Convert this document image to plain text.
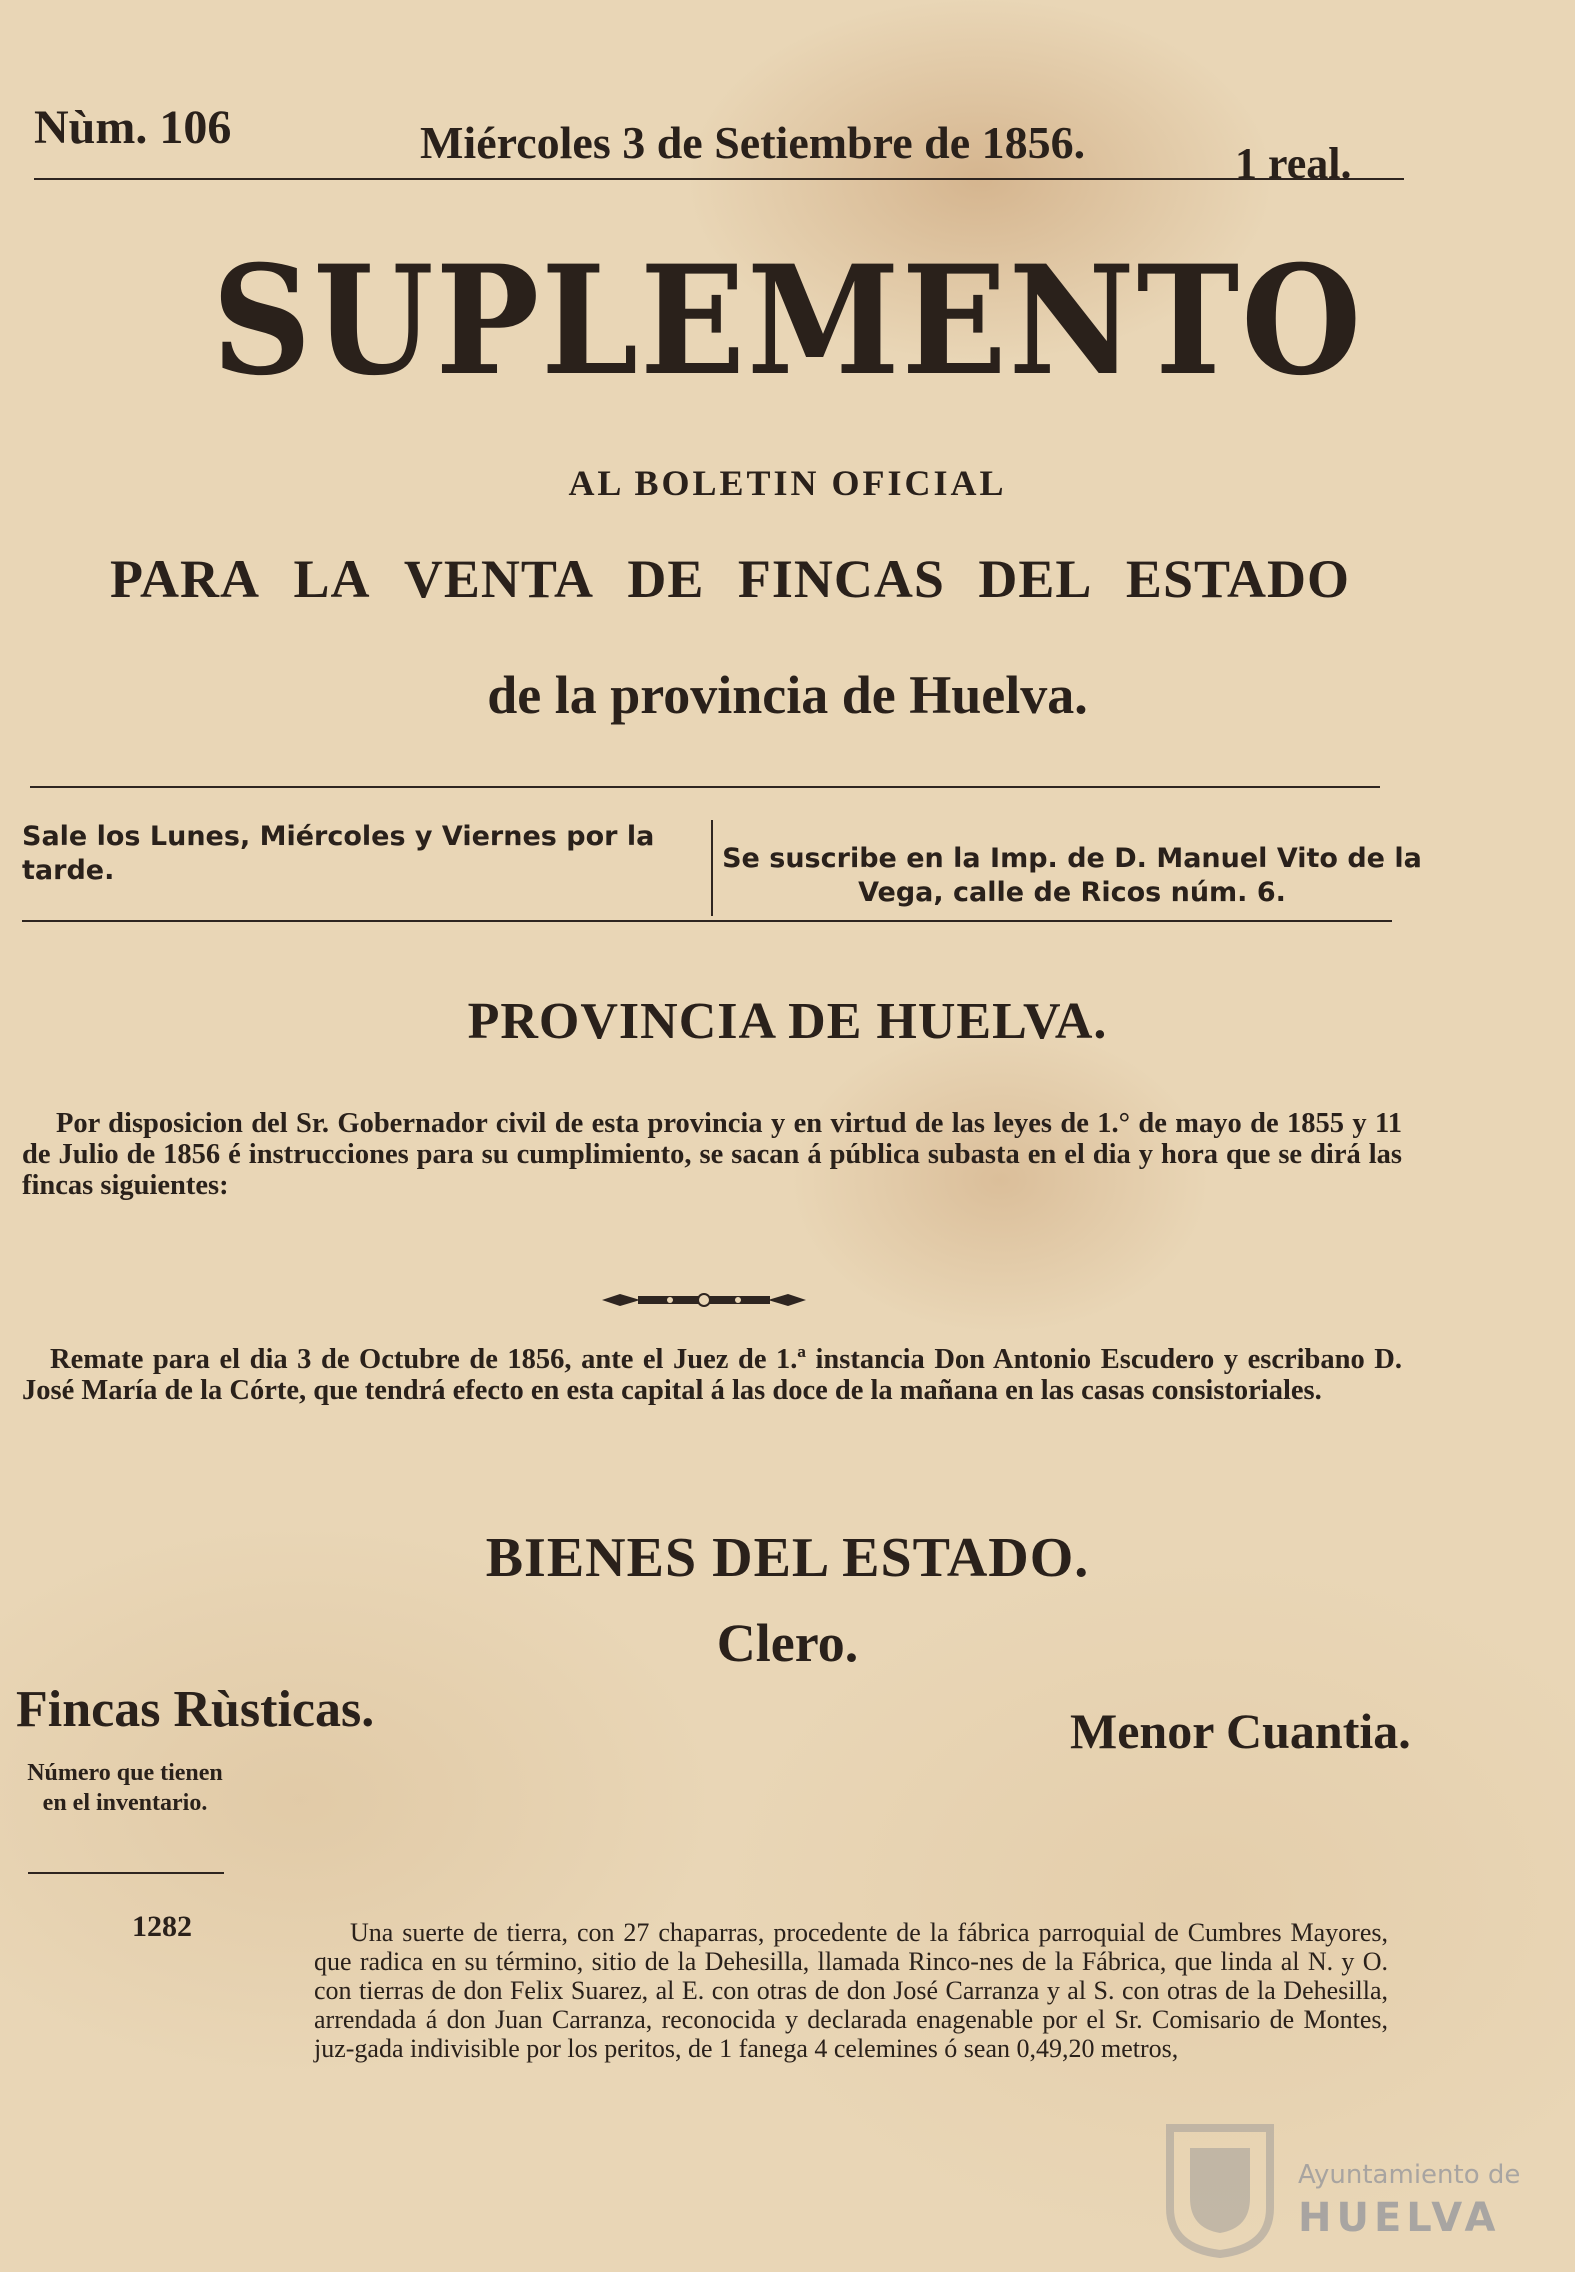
Nùm. 106	Miércoles 3 de Setiembre de 1856.	1 real.
SUPLEMENTO
AL BOLETIN OFICIAL
PARA LA VENTA DE FINCAS DEL ESTADO
de la provincia de Huelva.
Sale los Lunes, Miércoles y Viernes por la tarde.	Se suscribe en la Imp. de D. Manuel Vito de la Vega, calle de Ricos núm. 6.
PROVINCIA DE HUELVA.
Por disposicion del Sr. Gobernador civil de esta provincia y en virtud de las leyes de 1.° de mayo de 1855 y 11 de Julio de 1856 é instrucciones para su cumplimiento, se sacan á pública subasta en el dia y hora que se dirá las fincas siguientes:
Remate para el dia 3 de Octubre de 1856, ante el Juez de 1.ª instancia Don Antonio Escudero y escribano D. José María de la Córte, que tendrá efecto en esta capital á las doce de la mañana en las casas consistoriales.
BIENES DEL ESTADO.
Clero.
Fincas Rùsticas.	Menor Cuantia.
Número que tienen en el inventario.
1282	Una suerte de tierra, con 27 chaparras, procedente de la fábrica parroquial de Cumbres Mayores, que radica en su término, sitio de la Dehesilla, llamada Rinco-nes de la Fábrica, que linda al N. y O. con tierras de don Felix Suarez, al E. con otras de don José Carranza y al S. con otras de la Dehesilla, arrendada á don Juan Carranza, reconocida y declarada enagenable por el Sr. Comisario de Montes, juz-gada indivisible por los peritos, de 1 fanega 4 celemines ó sean 0,49,20 metros,
Ayuntamiento de
HUELVA
